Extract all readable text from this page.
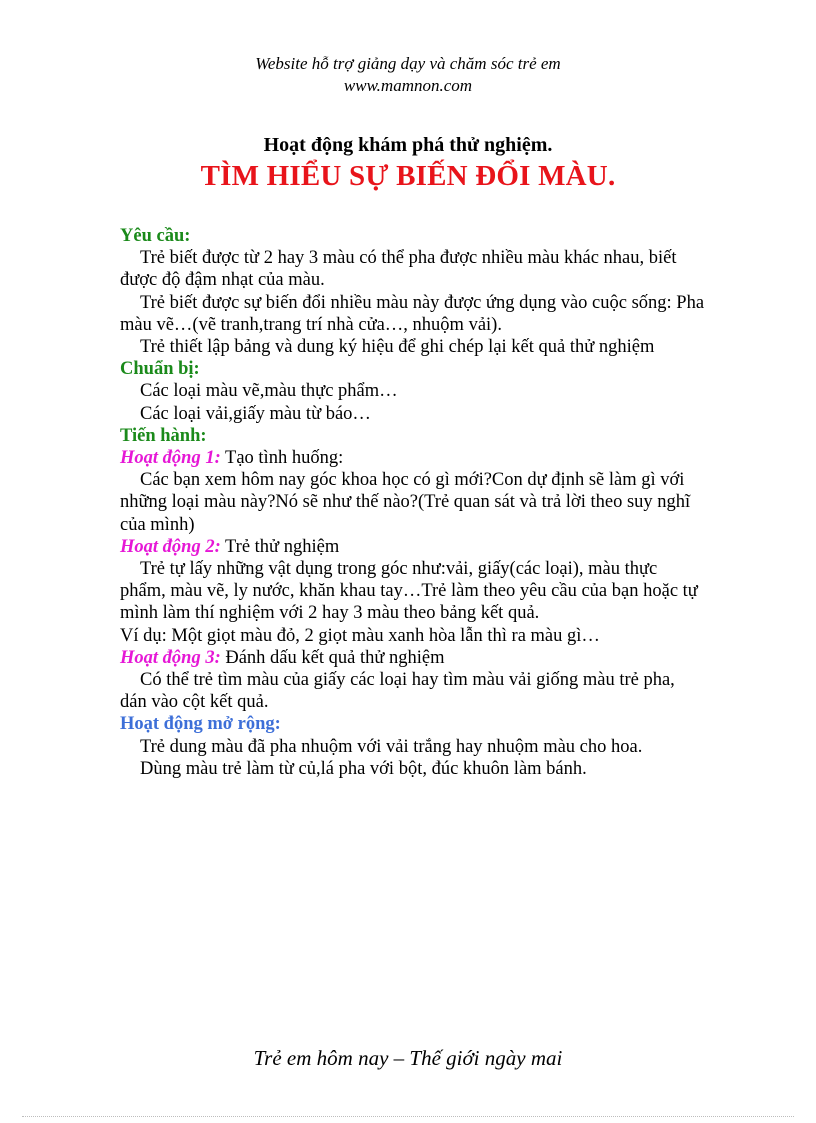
Website hỗ trợ giảng dạy và chăm sóc trẻ em
www.mamnon.com
Hoạt động khám phá thử nghiệm.
TÌM HIỂU SỰ BIẾN ĐỔI MÀU.

Yêu cầu:

Trẻ biết được từ 2 hay 3 màu có thể pha được nhiều màu khác nhau, biết được độ đậm nhạt của màu.

Trẻ biết được sự biến đổi nhiều màu này được ứng dụng vào cuộc sống: Pha màu vẽ…(vẽ tranh,trang trí nhà cửa…, nhuộm vải).

Trẻ thiết lập bảng và dung ký hiệu để ghi chép lại kết quả thử nghiệm

Chuẩn bị:

Các loại màu vẽ,màu thực phẩm…

Các loại vải,giấy màu từ báo…

Tiến hành:

Hoạt động 1: Tạo tình huống:

Các bạn xem hôm nay góc khoa học có gì mới?Con dự định sẽ làm gì với những loại màu này?Nó sẽ như thế nào?(Trẻ quan sát và trả lời theo suy nghĩ của mình)

Hoạt động 2: Trẻ thử nghiệm

Trẻ tự lấy những vật dụng trong góc như:vải, giấy(các loại), màu thực phẩm, màu vẽ, ly nước, khăn khau tay…Trẻ làm theo yêu cầu của bạn hoặc tự mình làm thí nghiệm với 2 hay 3 màu theo bảng kết quả.

Ví dụ: Một giọt màu đỏ, 2 giọt màu xanh hòa lẫn thì ra màu gì…

Hoạt động 3: Đánh dấu kết quả thử nghiệm

Có thể trẻ tìm màu của giấy các loại hay tìm màu vải giống màu trẻ pha, dán vào cột kết quả.

Hoạt động mở rộng:

Trẻ dung màu đã pha nhuộm với vải trắng hay nhuộm màu cho hoa.

Dùng màu trẻ làm từ củ,lá pha với bột, đúc khuôn làm bánh.

Trẻ em hôm nay – Thế giới ngày mai
